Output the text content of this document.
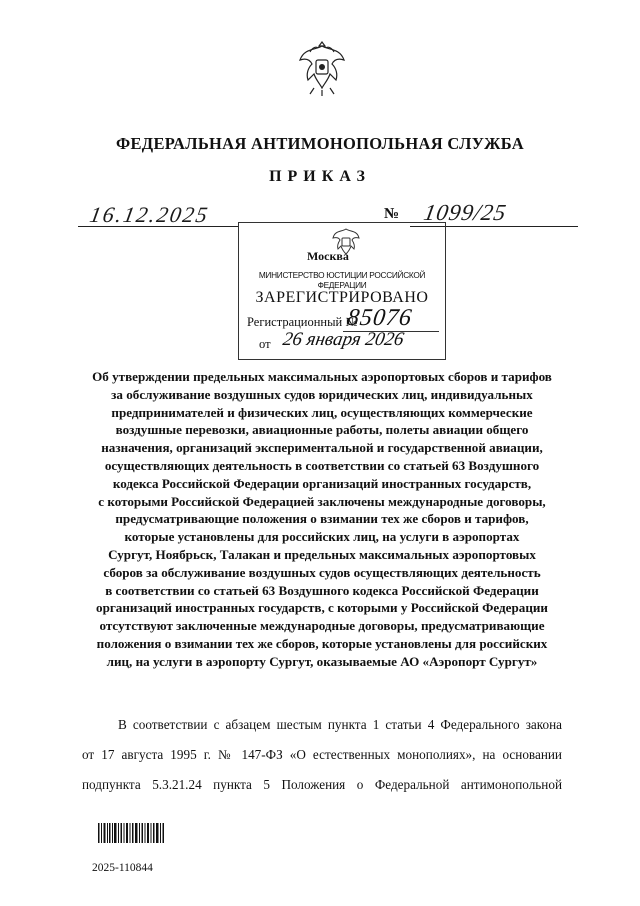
ФЕДЕРАЛЬНАЯ АНТИМОНОПОЛЬНАЯ СЛУЖБА
ПРИКАЗ
16.12.2025	№ 1099/25
Москва
МИНИСТЕРСТВО ЮСТИЦИИ РОССИЙСКОЙ ФЕДЕРАЦИИ
ЗАРЕГИСТРИРОВАНО
Регистрационный №
85076
от 26 января 2026
Об утверждении предельных максимальных аэропортовых сборов и тарифов
за обслуживание воздушных судов юридических лиц, индивидуальных
предпринимателей и физических лиц, осуществляющих коммерческие
воздушные перевозки, авиационные работы, полеты авиации общего
назначения, организаций экспериментальной и государственной авиации,
осуществляющих деятельность в соответствии со статьей 63 Воздушного
кодекса Российской Федерации организаций иностранных государств,
с которыми Российской Федерацией заключены международные договоры,
предусматривающие положения о взимании тех же сборов и тарифов,
которые установлены для российских лиц, на услуги в аэропортах
Сургут, Ноябрьск, Талакан и предельных максимальных аэропортовых
сборов за обслуживание воздушных судов осуществляющих деятельность
в соответствии со статьей 63 Воздушного кодекса Российской Федерации
организаций иностранных государств, с которыми у Российской Федерации
отсутствуют заключенные международные договоры, предусматривающие
положения о взимании тех же сборов, которые установлены для российских
лиц, на услуги в аэропорту Сургут, оказываемые АО «Аэропорт Сургут»
В соответствии с абзацем шестым пункта 1 статьи 4 Федерального закона
от 17 августа 1995 г. № 147-ФЗ «О естественных монополиях», на основании
подпункта 5.3.21.24 пункта 5 Положения о Федеральной антимонопольной
2025-110844
